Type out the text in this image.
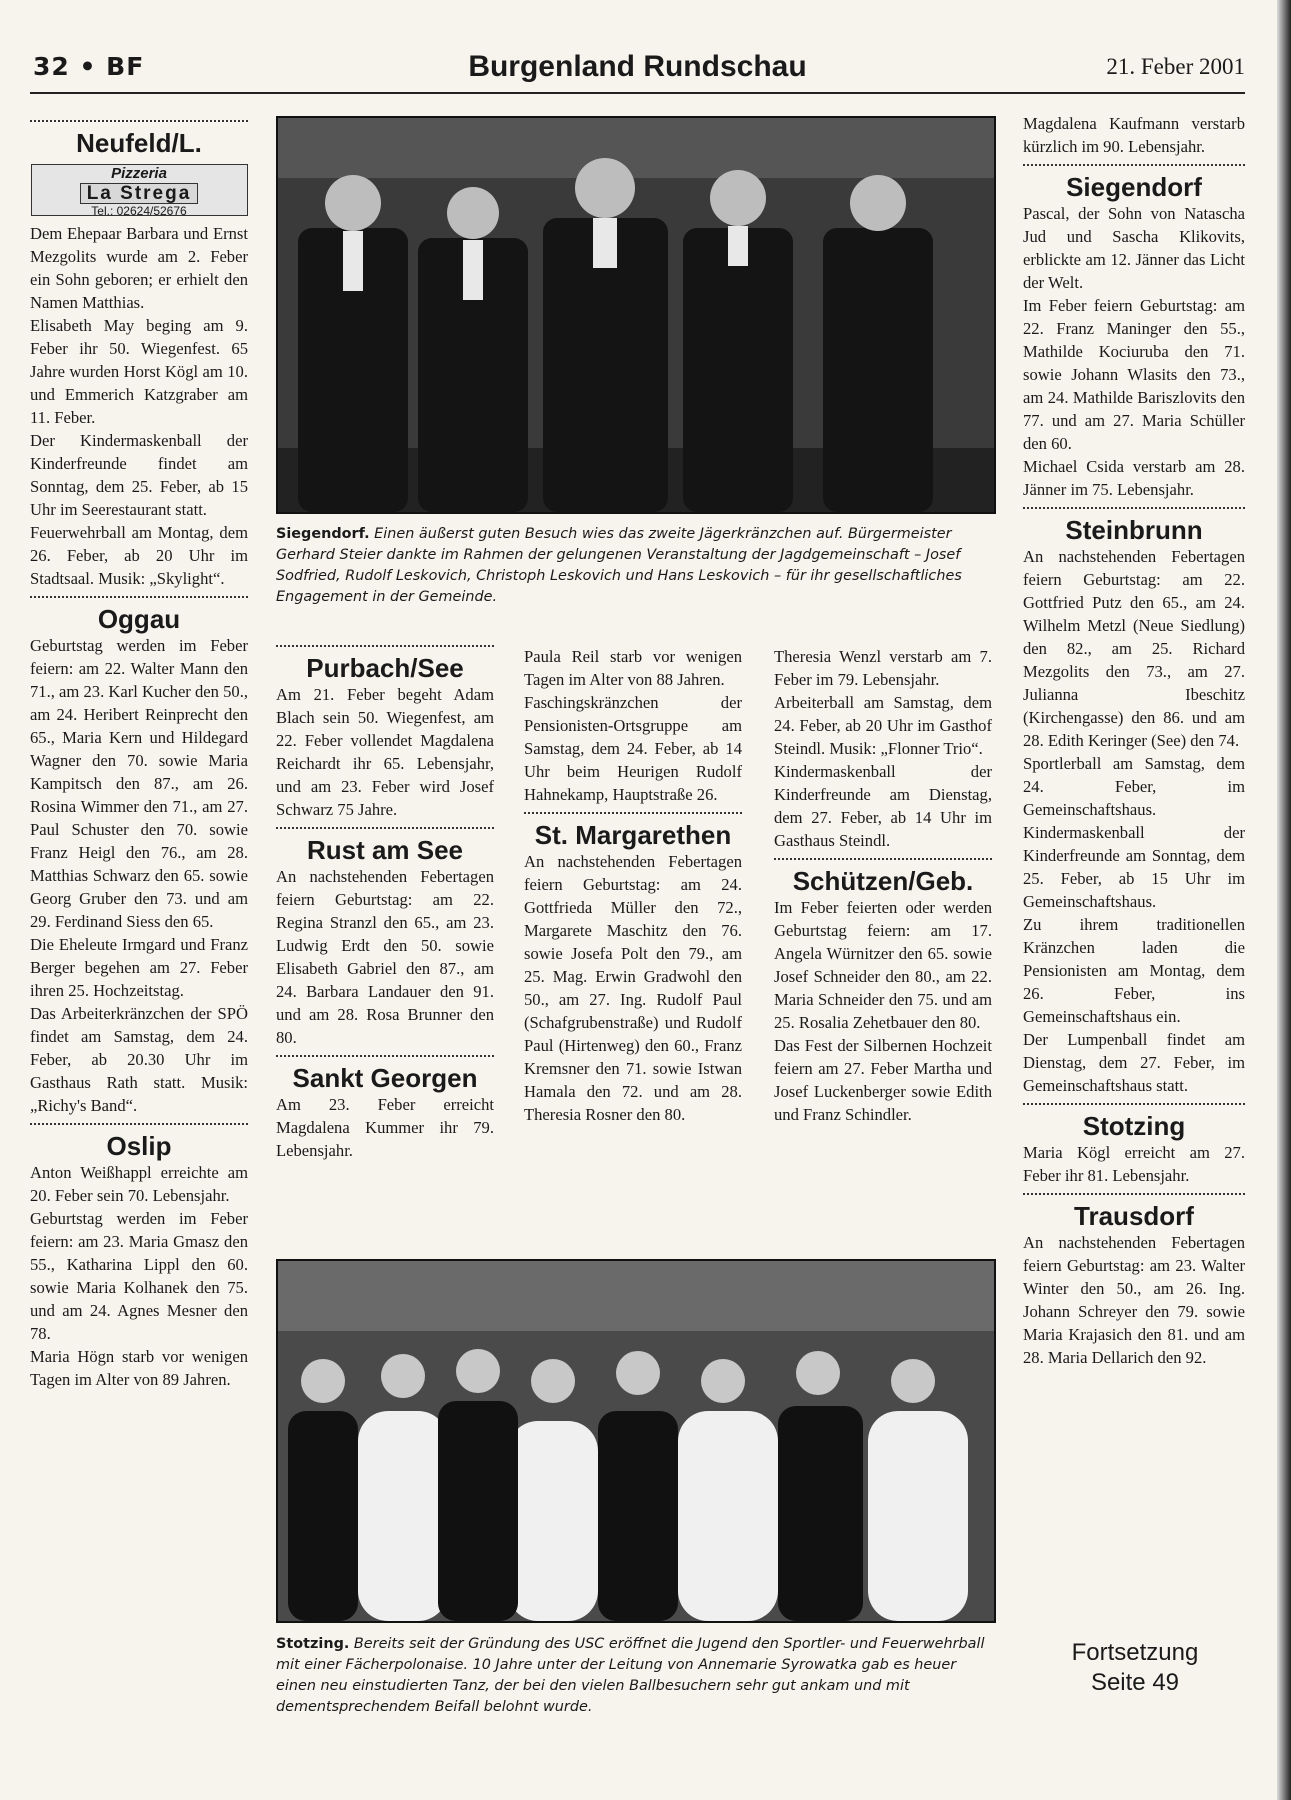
32 • BF	Burgenland Rundschau	21. Feber 2001
Neufeld/L.
Pizzeria
La Strega
Tel.: 02624/52676

Dem Ehepaar Barbara und Ernst Mezgolits wurde am 2. Feber ein Sohn geboren; er erhielt den Namen Matthias.

Elisabeth May beging am 9. Feber ihr 50. Wiegenfest. 65 Jahre wurden Horst Kögl am 10. und Emmerich Katzgraber am 11. Feber.

Der Kindermaskenball der Kinderfreunde findet am Sonntag, dem 25. Feber, ab 15 Uhr im Seerestaurant statt.

Feuerwehrball am Montag, dem 26. Feber, ab 20 Uhr im Stadtsaal. Musik: „Skylight“.

Oggau

Geburtstag werden im Feber feiern: am 22. Walter Mann den 71., am 23. Karl Kucher den 50., am 24. Heribert Reinprecht den 65., Maria Kern und Hildegard Wagner den 70. sowie Maria Kampitsch den 87., am 26. Rosina Wimmer den 71., am 27. Paul Schuster den 70. sowie Franz Heigl den 76., am 28. Matthias Schwarz den 65. sowie Georg Gruber den 73. und am 29. Ferdinand Siess den 65.

Die Eheleute Irmgard und Franz Berger begehen am 27. Feber ihren 25. Hochzeitstag.

Das Arbeiterkränzchen der SPÖ findet am Samstag, dem 24. Feber, ab 20.30 Uhr im Gasthaus Rath statt. Musik: „Richy's Band“.

Oslip

Anton Weißhappl erreichte am 20. Feber sein 70. Lebensjahr.

Geburtstag werden im Feber feiern: am 23. Maria Gmasz den 55., Katharina Lippl den 60. sowie Maria Kolhanek den 75. und am 24. Agnes Mesner den 78.

Maria Högn starb vor wenigen Tagen im Alter von 89 Jahren.

Siegendorf. Einen äußerst guten Besuch wies das zweite Jägerkränzchen auf. Bürgermeister Gerhard Steier dankte im Rahmen der gelungenen Veranstaltung der Jagdgemeinschaft – Josef Sodfried, Rudolf Leskovich, Christoph Leskovich und Hans Leskovich – für ihr gesellschaftliches Engagement in der Gemeinde.
Purbach/See

Am 21. Feber begeht Adam Blach sein 50. Wiegenfest, am 22. Feber vollendet Magdalena Reichardt ihr 65. Lebensjahr, und am 23. Feber wird Josef Schwarz 75 Jahre.

Rust am See

An nachstehenden Febertagen feiern Geburtstag: am 22. Regina Stranzl den 65., am 23. Ludwig Erdt den 50. sowie Elisabeth Gabriel den 87., am 24. Barbara Landauer den 91. und am 28. Rosa Brunner den 80.

Sankt Georgen

Am 23. Feber erreicht Magdalena Kummer ihr 79. Lebensjahr.

Paula Reil starb vor wenigen Tagen im Alter von 88 Jahren.

Faschingskränzchen der Pensionisten-Ortsgruppe am Samstag, dem 24. Feber, ab 14 Uhr beim Heurigen Rudolf Hahnekamp, Hauptstraße 26.

St. Margarethen

An nachstehenden Febertagen feiern Geburtstag: am 24. Gottfrieda Müller den 72., Margarete Maschitz den 76. sowie Josefa Polt den 79., am 25. Mag. Erwin Gradwohl den 50., am 27. Ing. Rudolf Paul (Schafgrubenstraße) und Rudolf Paul (Hirtenweg) den 60., Franz Kremsner den 71. sowie Istwan Hamala den 72. und am 28. Theresia Rosner den 80.

Theresia Wenzl verstarb am 7. Feber im 79. Lebensjahr.

Arbeiterball am Samstag, dem 24. Feber, ab 20 Uhr im Gasthof Steindl. Musik: „Flonner Trio“.

Kindermaskenball der Kinderfreunde am Dienstag, dem 27. Feber, ab 14 Uhr im Gasthaus Steindl.

Schützen/Geb.

Im Feber feierten oder werden Geburtstag feiern: am 17. Angela Würnitzer den 65. sowie Josef Schneider den 80., am 22. Maria Schneider den 75. und am 25. Rosalia Zehetbauer den 80.

Das Fest der Silbernen Hochzeit feiern am 27. Feber Martha und Josef Luckenberger sowie Edith und Franz Schindler.

Stotzing. Bereits seit der Gründung des USC eröffnet die Jugend den Sportler- und Feuerwehrball mit einer Fächerpolonaise. 10 Jahre unter der Leitung von Annemarie Syrowatka gab es heuer einen neu einstudierten Tanz, der bei den vielen Ballbesuchern sehr gut ankam und mit dementsprechendem Beifall belohnt wurde.

Magdalena Kaufmann verstarb kürzlich im 90. Lebensjahr.

Siegendorf

Pascal, der Sohn von Natascha Jud und Sascha Klikovits, erblickte am 12. Jänner das Licht der Welt.

Im Feber feiern Geburtstag: am 22. Franz Maninger den 55., Mathilde Kociuruba den 71. sowie Johann Wlasits den 73., am 24. Mathilde Bariszlovits den 77. und am 27. Maria Schüller den 60.

Michael Csida verstarb am 28. Jänner im 75. Lebensjahr.

Steinbrunn

An nachstehenden Febertagen feiern Geburtstag: am 22. Gottfried Putz den 65., am 24. Wilhelm Metzl (Neue Siedlung) den 82., am 25. Richard Mezgolits den 73., am 27. Julianna Ibeschitz (Kirchengasse) den 86. und am 28. Edith Keringer (See) den 74.

Sportlerball am Samstag, dem 24. Feber, im Gemeinschaftshaus.

Kindermaskenball der Kinderfreunde am Sonntag, dem 25. Feber, ab 15 Uhr im Gemeinschaftshaus.

Zu ihrem traditionellen Kränzchen laden die Pensionisten am Montag, dem 26. Feber, ins Gemeinschaftshaus ein.

Der Lumpenball findet am Dienstag, dem 27. Feber, im Gemeinschaftshaus statt.

Stotzing

Maria Kögl erreicht am 27. Feber ihr 81. Lebensjahr.

Trausdorf

An nachstehenden Febertagen feiern Geburtstag: am 23. Walter Winter den 50., am 26. Ing. Johann Schreyer den 79. sowie Maria Krajasich den 81. und am 28. Maria Dellarich den 92.

Fortsetzung
Seite 49
